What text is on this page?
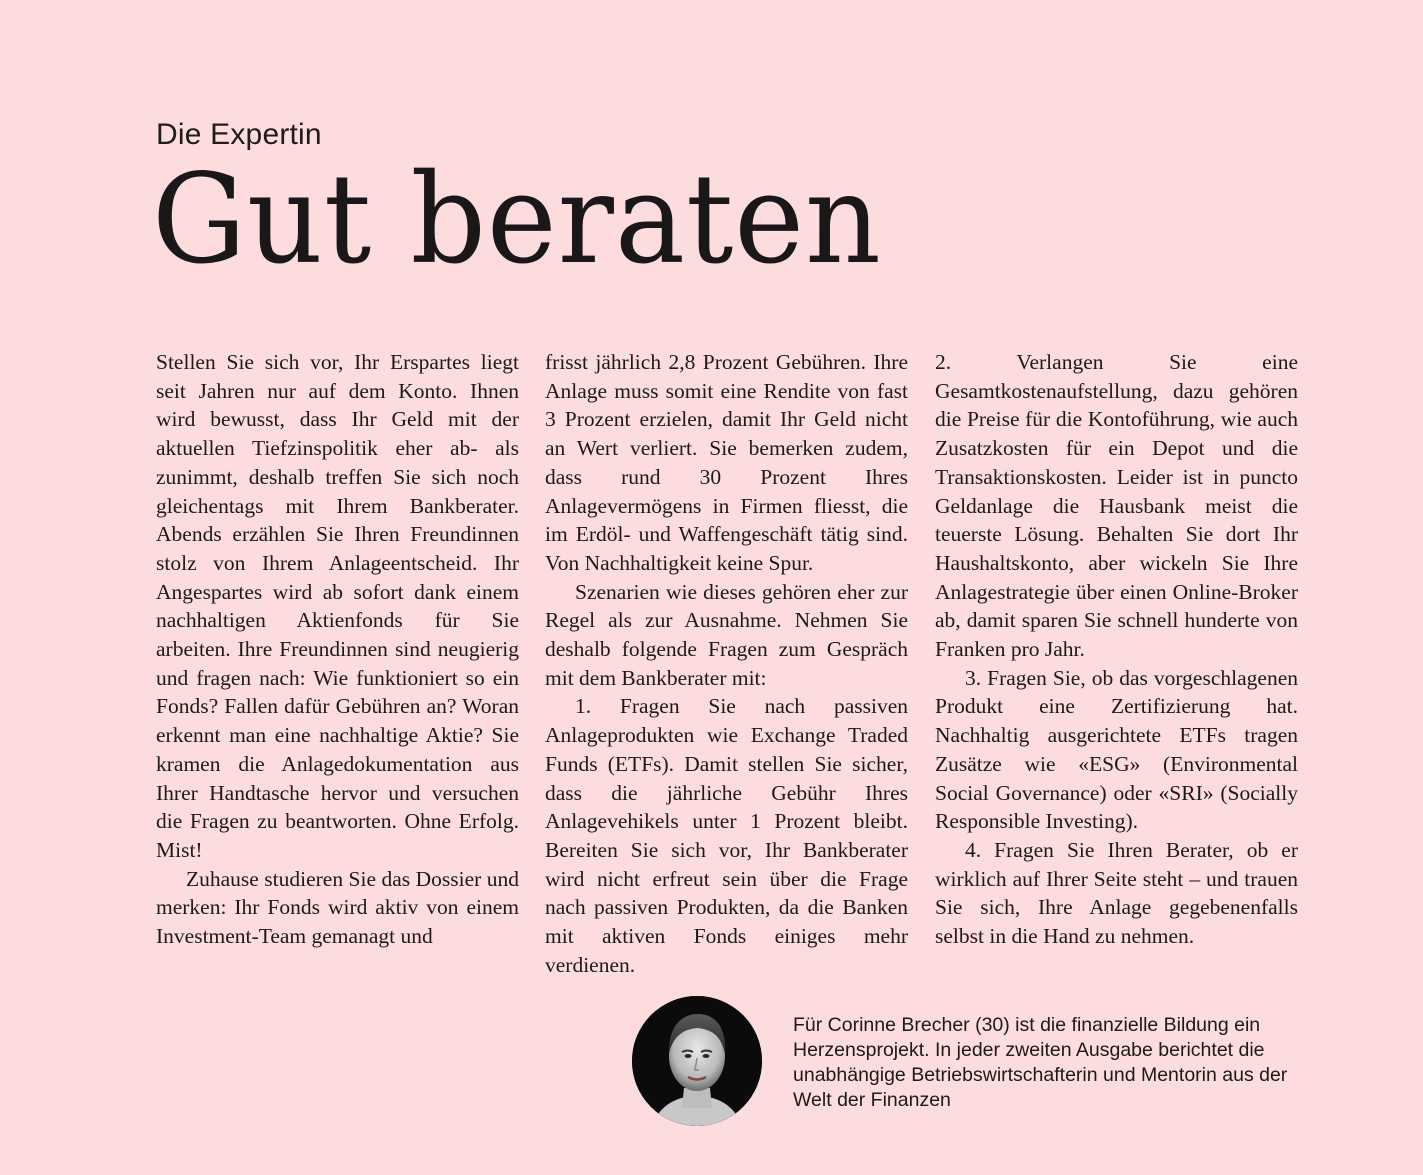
Die Expertin
Gut beraten

Stellen Sie sich vor, Ihr Erspartes liegt seit Jahren nur auf dem Konto. Ihnen wird bewusst, dass Ihr Geld mit der aktuellen Tiefzinspolitik eher ab- als zunimmt, deshalb treffen Sie sich noch gleichentags mit Ihrem Bankberater. Abends erzählen Sie Ihren Freundinnen stolz von Ihrem Anlageentscheid. Ihr Angespartes wird ab sofort dank einem nachhaltigen Aktienfonds für Sie arbeiten. Ihre Freundinnen sind neugierig und fragen nach: Wie funktioniert so ein Fonds? Fallen dafür Gebühren an? Woran erkennt man eine nachhaltige Aktie? Sie kramen die Anlagedokumentation aus Ihrer Handtasche hervor und versuchen die Fragen zu beantworten. Ohne Erfolg. Mist!

Zuhause studieren Sie das Dossier und merken: Ihr Fonds wird aktiv von einem Investment-Team gemanagt und

frisst jährlich 2,8 Prozent Gebühren. Ihre Anlage muss somit eine Rendite von fast 3 Prozent erzielen, damit Ihr Geld nicht an Wert verliert. Sie bemerken zudem, dass rund 30 Prozent Ihres Anlagevermögens in Firmen fliesst, die im Erdöl- und Waffengeschäft tätig sind. Von Nachhaltigkeit keine Spur.

Szenarien wie dieses gehören eher zur Regel als zur Ausnahme. Nehmen Sie deshalb folgende Fragen zum Gespräch mit dem Bankberater mit:

1. Fragen Sie nach passiven Anlageprodukten wie Exchange Traded Funds (ETFs). Damit stellen Sie sicher, dass die jährliche Gebühr Ihres Anlagevehikels unter 1 Prozent bleibt. Bereiten Sie sich vor, Ihr Bankberater wird nicht erfreut sein über die Frage nach passiven Produkten, da die Banken mit aktiven Fonds einiges mehr verdienen.

2. Verlangen Sie eine Gesamtkostenaufstellung, dazu gehören die Preise für die Kontoführung, wie auch Zusatzkosten für ein Depot und die Transaktionskosten. Leider ist in puncto Geldanlage die Hausbank meist die teuerste Lösung. Behalten Sie dort Ihr Haushaltskonto, aber wickeln Sie Ihre Anlagestrategie über einen Online-Broker ab, damit sparen Sie schnell hunderte von Franken pro Jahr.

3. Fragen Sie, ob das vorgeschlagenen Produkt eine Zertifizierung hat. Nachhaltig ausgerichtete ETFs tragen Zusätze wie «ESG» (Environmental Social Governance) oder «SRI» (Socially Responsible Investing).

4. Fragen Sie Ihren Berater, ob er wirklich auf Ihrer Seite steht – und trauen Sie sich, Ihre Anlage gegebenenfalls selbst in die Hand zu nehmen.

Für Corinne Brecher (30) ist die finanzielle Bildung ein Herzensprojekt. In jeder zweiten Ausgabe berichtet die unabhängige Betriebswirtschafterin und Mentorin aus der Welt der Finanzen
